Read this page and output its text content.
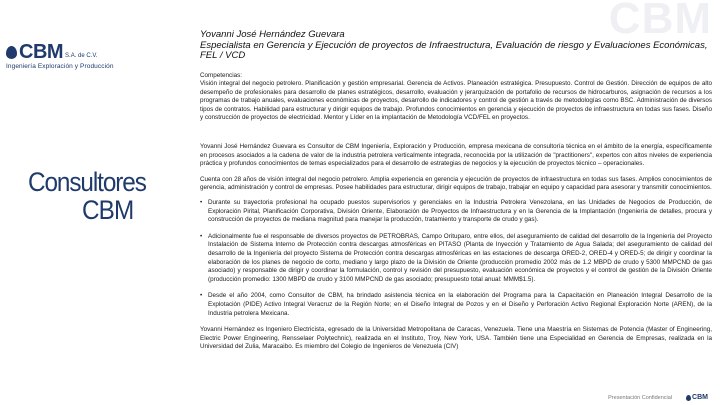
CBM
CBM S.A. de C.V.
Ingeniería Exploración y Producción
Consultores
CBM
Yovanni José Hernández Guevara
Especialista en Gerencia y Ejecución de proyectos de Infraestructura, Evaluación de riesgo y Evaluaciones Económicas, FEL / VCD
Competencias:
Visión integral del negocio petrolero. Planificación y gestión empresarial. Gerencia de Activos. Planeación estratégica. Presupuesto. Control de Gestión. Dirección de equipos de alto desempeño de profesionales para desarrollo de planes estratégicos, desarrollo, evaluación y jerarquización de portafolio de recursos de hidrocarburos, asignación de recursos a los programas de trabajo anuales, evaluaciones económicas de proyectos, desarrollo de indicadores y control de gestión a través de metodologías como BSC. Administración de diversos tipos de contratos. Habilidad para estructurar y dirigir equipos de trabajo. Profundos conocimientos en gerencia y ejecución de proyectos de infraestructura en todas sus fases. Diseño y construcción de proyectos de electricidad. Mentor y Líder en la implantación de Metodología VCD/FEL en proyectos.
Yovanni José Hernández Guevara es Consultor de CBM Ingeniería, Exploración y Producción, empresa mexicana de consultoría técnica en el ámbito de la energía, específicamente en procesos asociados a la cadena de valor de la industria petrolera verticalmente integrada, reconocida por la utilización de "practitioners", expertos con altos niveles de experiencia práctica y profundos conocimientos de temas especializados para el desarrollo de estrategias de negocios y la ejecución de proyectos técnico – operacionales.
Cuenta con 28 años de visión integral del negocio petrolero. Amplia experiencia en gerencia y ejecución de proyectos de infraestructura en todas sus fases. Amplios conocimientos de gerencia, administración y control de empresas. Posee habilidades para estructurar, dirigir equipos de trabajo, trabajar en equipo y capacidad para asesorar y transmitir conocimientos.
• Durante su trayectoria profesional ha ocupado puestos supervisorios y gerenciales en la Industria Petrolera Venezolana, en las Unidades de Negocios de Producción, de Exploración Pirital, Planificación Corporativa, División Oriente, Elaboración de Proyectos de Infraestructura y en la Gerencia de la Implantación (Ingeniería de detalles, procura y construcción de proyectos de mediana magnitud para manejar la producción, tratamiento y transporte de crudo y gas).
• Adicionalmente fue el responsable de diversos proyectos de PETROBRAS, Campo Orituparo, entre ellos, del aseguramiento de calidad del desarrollo de la Ingeniería del Proyecto Instalación de Sistema Interno de Protección contra descargas atmosféricas en PITASO (Planta de Inyección y Tratamiento de Agua Salada; del aseguramiento de calidad del desarrollo de la Ingeniería del proyecto Sistema de Protección contra descargas atmosféricas en las estaciones de descarga ORED-2, ORED-4 y ORED-5; de dirigir y coordinar la elaboración de los planes de negocio de corto, mediano y largo plazo de la División de Oriente (producción promedio 2002 más de 1.2 MBPD de crudo y 5300 MMPCND de gas asociado) y responsable de dirigir y coordinar la formulación, control y revisión del presupuesto, evaluación económica de proyectos y el control de gestión de la División Oriente (producción promedio: 1300 MBPD de crudo y 3100 MMPCND de gas asociado; presupuesto total anual: MMM$1.5).
• Desde el año 2004, como Consultor de CBM, ha brindado asistencia técnica en la elaboración del Programa para la Capacitación en Planeación Integral Desarrollo de la Explotación (PIDE) Activo Integral Veracruz de la Región Norte; en el Diseño Integral de Pozos y en el Diseño y Perforación Activo Regional Exploración Norte (AREN), de la Industria petrolera Mexicana.
Yovanni Hernández es Ingeniero Electricista, egresado de la Universidad Metropolitana de Caracas, Venezuela. Tiene una Maestría en Sistemas de Potencia (Master of Engineering, Electric Power Engineering, Rensselaer Polytechnic), realizada en el Instituto, Troy, New York, USA. También tiene una Especialidad en Gerencia de Empresas, realizada en la Universidad del Zulia, Maracaibo. Es miembro del Colegio de Ingenieros de Venezuela (CIV)
Presentación Confidencial	CBM
